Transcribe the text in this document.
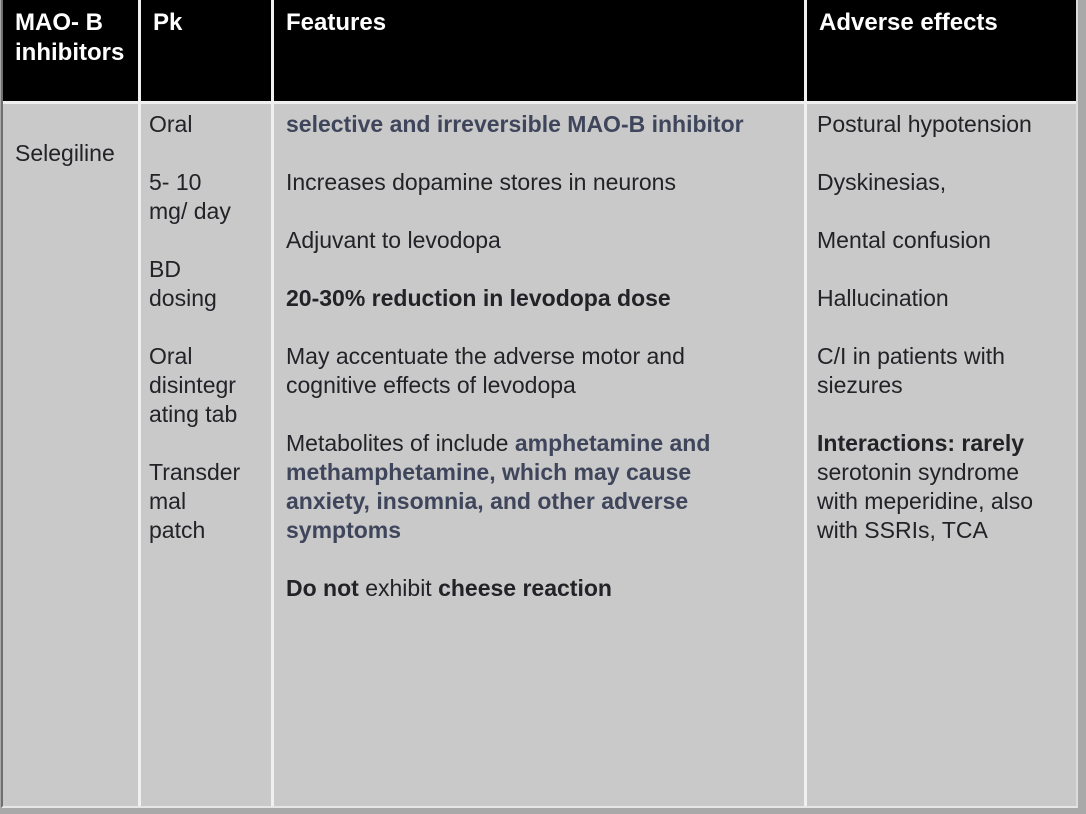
MAO- B inhibitors
Pk	Features	Adverse effects

Selegiline

Oral

5- 10 mg/ day

BD dosing

Oral disintegrating tab

Transdermal patch

selective and irreversible MAO-B inhibitor

Increases dopamine stores in neurons

Adjuvant to levodopa

20-30% reduction in levodopa dose

May accentuate the adverse motor and cognitive effects of levodopa

Metabolites of include amphetamine and methamphetamine, which may cause anxiety, insomnia, and other adverse symptoms

Do not exhibit cheese reaction

Postural hypotension

Dyskinesias,

Mental confusion

Hallucination

C/I in patients with siezures

Interactions: rarely serotonin syndrome with meperidine, also with SSRIs, TCA
